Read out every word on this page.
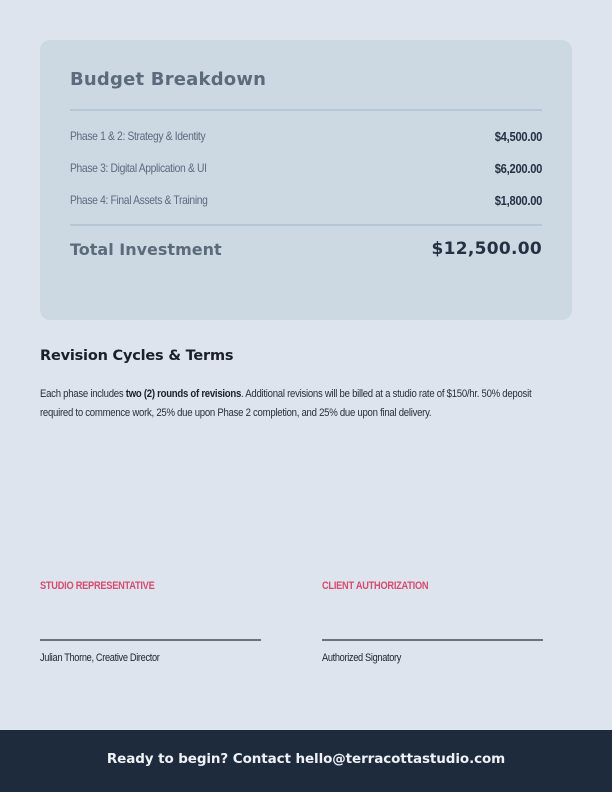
Budget Breakdown
Phase 1 & 2: Strategy & Identity	$4,500.00
Phase 3: Digital Application & UI	$6,200.00
Phase 4: Final Assets & Training	$1,800.00
Total Investment	$12,500.00
Revision Cycles & Terms

Each phase includes two (2) rounds of revisions. Additional revisions will be billed at a studio rate of $150/hr. 50% deposit required to commence work, 25% due upon Phase 2 completion, and 25% due upon final delivery.

STUDIO REPRESENTATIVE
Julian Thorne, Creative Director
CLIENT AUTHORIZATION
Authorized Signatory
Ready to begin? Contact hello@terracottastudio.com
